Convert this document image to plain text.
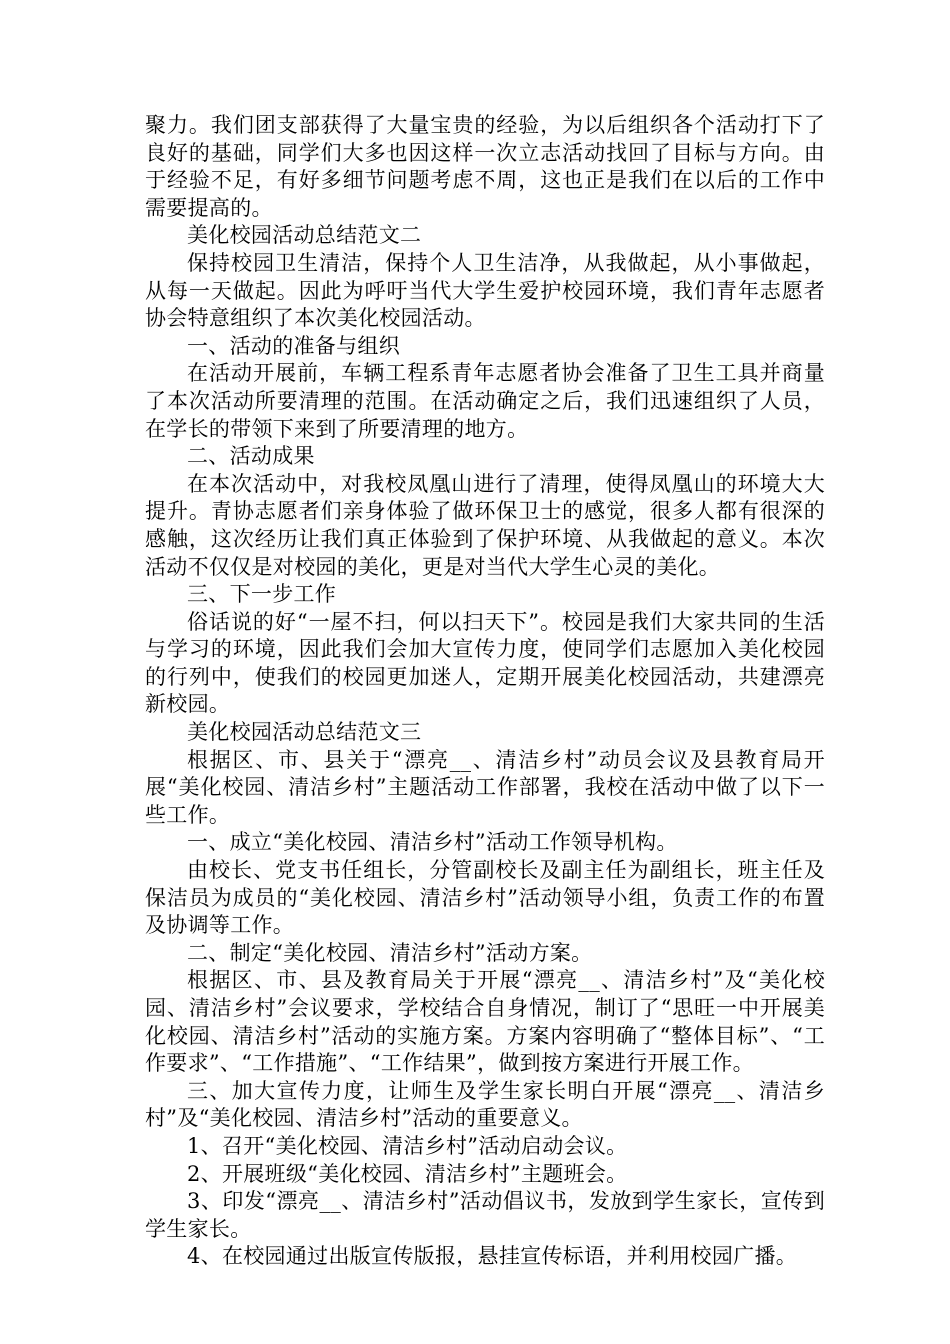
聚力。我们团支部获得了大量宝贵的经验，为以后组织各个活动打下了良好的基础，同学们大多也因这样一次立志活动找回了目标与方向。由于经验不足，有好多细节问题考虑不周，这也正是我们在以后的工作中需要提高的。

美化校园活动总结范文二

保持校园卫生清洁，保持个人卫生洁净，从我做起，从小事做起，从每一天做起。因此为呼吁当代大学生爱护校园环境，我们青年志愿者协会特意组织了本次美化校园活动。

一、活动的准备与组织

在活动开展前，车辆工程系青年志愿者协会准备了卫生工具并商量了本次活动所要清理的范围。在活动确定之后，我们迅速组织了人员，在学长的带领下来到了所要清理的地方。

二、活动成果

在本次活动中，对我校凤凰山进行了清理，使得凤凰山的环境大大提升。青协志愿者们亲身体验了做环保卫士的感觉，很多人都有很深的感触，这次经历让我们真正体验到了保护环境、从我做起的意义。本次活动不仅仅是对校园的美化，更是对当代大学生心灵的美化。

三、下一步工作

俗话说的好“一屋不扫，何以扫天下”。校园是我们大家共同的生活与学习的环境，因此我们会加大宣传力度，使同学们志愿加入美化校园的行列中，使我们的校园更加迷人，定期开展美化校园活动，共建漂亮新校园。

美化校园活动总结范文三

根据区、市、县关于“漂亮__、清洁乡村”动员会议及县教育局开展“美化校园、清洁乡村”主题活动工作部署，我校在活动中做了以下一些工作。

一、成立“美化校园、清洁乡村”活动工作领导机构。

由校长、党支书任组长，分管副校长及副主任为副组长，班主任及保洁员为成员的“美化校园、清洁乡村”活动领导小组，负责工作的布置及协调等工作。

二、制定“美化校园、清洁乡村”活动方案。

根据区、市、县及教育局关于开展“漂亮__、清洁乡村”及“美化校园、清洁乡村”会议要求，学校结合自身情况，制订了“思旺一中开展美化校园、清洁乡村”活动的实施方案。方案内容明确了“整体目标”、“工作要求”、“工作措施”、“工作结果”，做到按方案进行开展工作。

三、加大宣传力度，让师生及学生家长明白开展“漂亮__、清洁乡村”及“美化校园、清洁乡村”活动的重要意义。

1、召开“美化校园、清洁乡村”活动启动会议。

2、开展班级“美化校园、清洁乡村”主题班会。

3、印发“漂亮__、清洁乡村”活动倡议书，发放到学生家长，宣传到学生家长。

4、在校园通过出版宣传版报，悬挂宣传标语，并利用校园广播。
